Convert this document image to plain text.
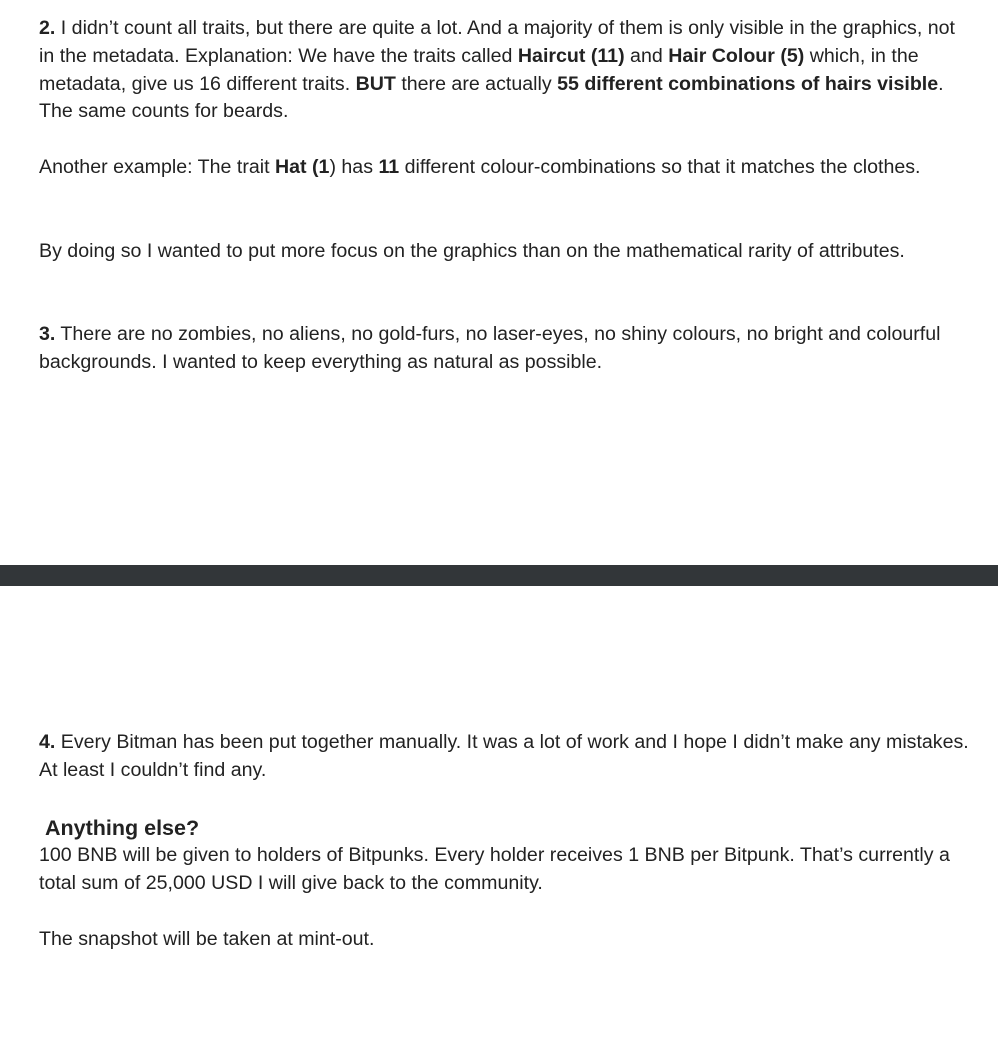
2. I didn’t count all traits, but there are quite a lot. And a majority of them is only visible in the graphics, not in the metadata. Explanation: We have the traits called Haircut (11) and Hair Colour (5) which, in the metadata, give us 16 different traits. BUT there are actually 55 different combinations of hairs visible. The same counts for beards.

Another example: The trait Hat (1) has 11 different colour-combinations so that it matches the clothes.

By doing so I wanted to put more focus on the graphics than on the mathematical rarity of attributes.

3. There are no zombies, no aliens, no gold-furs, no laser-eyes, no shiny colours, no bright and colourful backgrounds. I wanted to keep everything as natural as possible.

4. Every Bitman has been put together manually. It was a lot of work and I hope I didn’t make any mistakes. At least I couldn’t find any.

Anything else?

100 BNB will be given to holders of Bitpunks. Every holder receives 1 BNB per Bitpunk. That’s currently a total sum of 25,000 USD I will give back to the community.

The snapshot will be taken at mint-out.
